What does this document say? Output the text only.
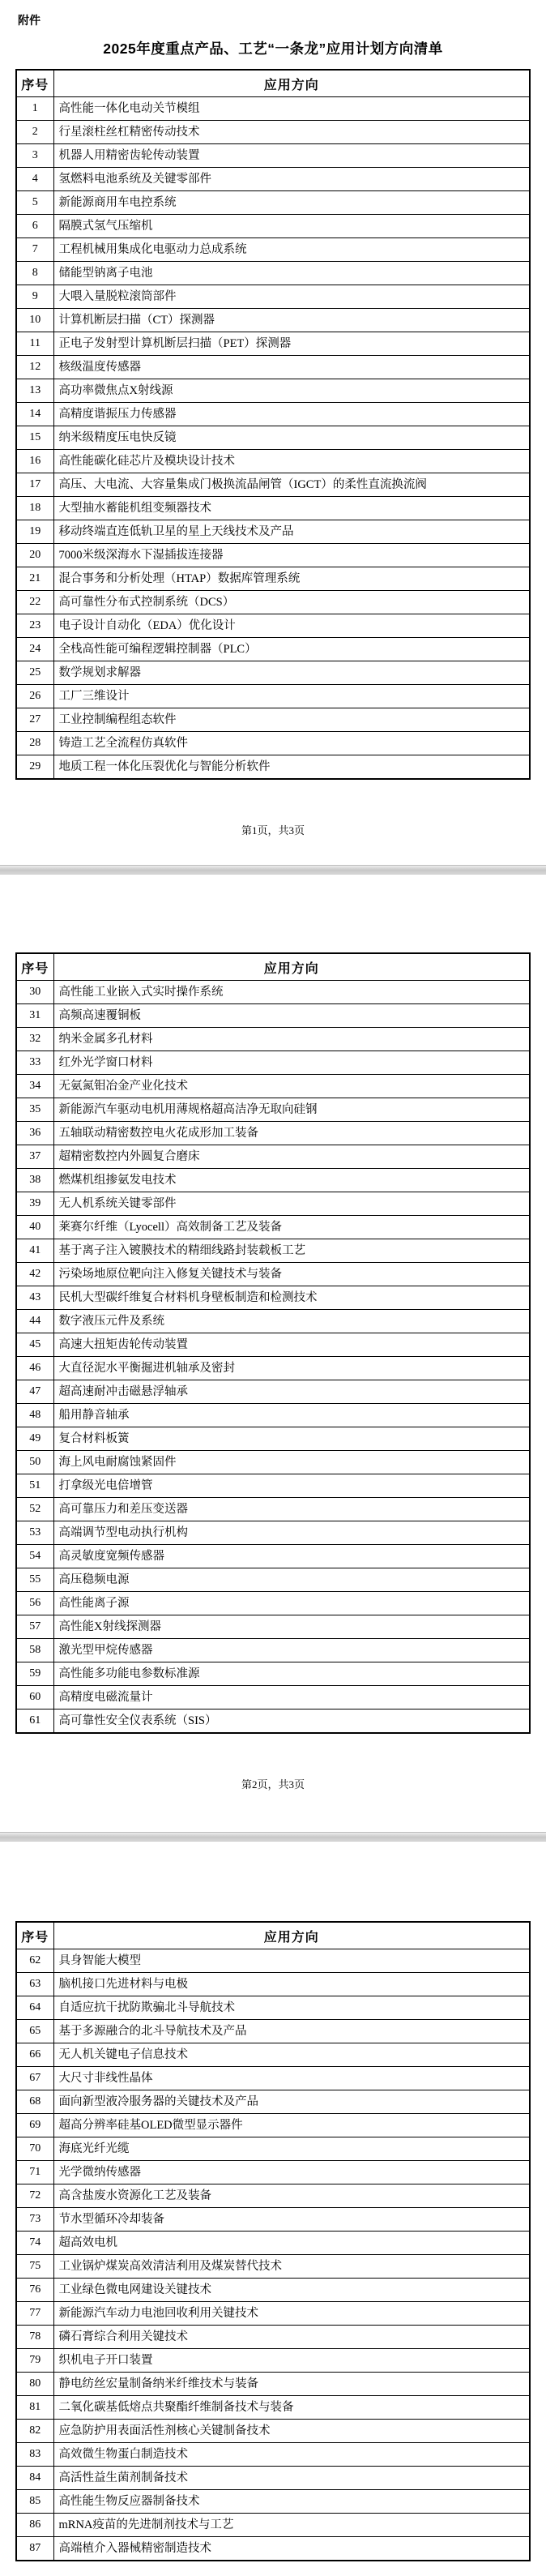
附件
2025年度重点产品、工艺“一条龙”应用计划方向清单
序号	应用方向
1	高性能一体化电动关节模组
2	行星滚柱丝杠精密传动技术
3	机器人用精密齿轮传动装置
4	氢燃料电池系统及关键零部件
5	新能源商用车电控系统
6	隔膜式氢气压缩机
7	工程机械用集成化电驱动力总成系统
8	储能型钠离子电池
9	大喂入量脱粒滚筒部件
10	计算机断层扫描（CT）探测器
11	正电子发射型计算机断层扫描（PET）探测器
12	核级温度传感器
13	高功率微焦点X射线源
14	高精度谐振压力传感器
15	纳米级精度压电快反镜
16	高性能碳化硅芯片及模块设计技术
17	高压、大电流、大容量集成门极换流晶闸管（IGCT）的柔性直流换流阀
18	大型抽水蓄能机组变频器技术
19	移动终端直连低轨卫星的星上天线技术及产品
20	7000米级深海水下湿插拔连接器
21	混合事务和分析处理（HTAP）数据库管理系统
22	高可靠性分布式控制系统（DCS）
23	电子设计自动化（EDA）优化设计
24	全栈高性能可编程逻辑控制器（PLC）
25	数学规划求解器
26	工厂三维设计
27	工业控制编程组态软件
28	铸造工艺全流程仿真软件
29	地质工程一体化压裂优化与智能分析软件
第1页，共3页
序号	应用方向
30	高性能工业嵌入式实时操作系统
31	高频高速覆铜板
32	纳米金属多孔材料
33	红外光学窗口材料
34	无氨氮钼冶金产业化技术
35	新能源汽车驱动电机用薄规格超高洁净无取向硅钢
36	五轴联动精密数控电火花成形加工装备
37	超精密数控内外圆复合磨床
38	燃煤机组掺氨发电技术
39	无人机系统关键零部件
40	莱赛尔纤维（Lyocell）高效制备工艺及装备
41	基于离子注入镀膜技术的精细线路封装载板工艺
42	污染场地原位靶向注入修复关键技术与装备
43	民机大型碳纤维复合材料机身壁板制造和检测技术
44	数字液压元件及系统
45	高速大扭矩齿轮传动装置
46	大直径泥水平衡掘进机轴承及密封
47	超高速耐冲击磁悬浮轴承
48	船用静音轴承
49	复合材料板簧
50	海上风电耐腐蚀紧固件
51	打拿级光电倍增管
52	高可靠压力和差压变送器
53	高端调节型电动执行机构
54	高灵敏度宽频传感器
55	高压稳频电源
56	高性能离子源
57	高性能X射线探测器
58	激光型甲烷传感器
59	高性能多功能电参数标准源
60	高精度电磁流量计
61	高可靠性安全仪表系统（SIS）
第2页，共3页
序号	应用方向
62	具身智能大模型
63	脑机接口先进材料与电极
64	自适应抗干扰防欺骗北斗导航技术
65	基于多源融合的北斗导航技术及产品
66	无人机关键电子信息技术
67	大尺寸非线性晶体
68	面向新型液冷服务器的关键技术及产品
69	超高分辨率硅基OLED微型显示器件
70	海底光纤光缆
71	光学微纳传感器
72	高含盐废水资源化工艺及装备
73	节水型循环冷却装备
74	超高效电机
75	工业锅炉煤炭高效清洁利用及煤炭替代技术
76	工业绿色微电网建设关键技术
77	新能源汽车动力电池回收利用关键技术
78	磷石膏综合利用关键技术
79	织机电子开口装置
80	静电纺丝宏量制备纳米纤维技术与装备
81	二氧化碳基低熔点共聚酯纤维制备技术与装备
82	应急防护用表面活性剂核心关键制备技术
83	高效微生物蛋白制造技术
84	高活性益生菌剂制备技术
85	高性能生物反应器制备技术
86	mRNA疫苗的先进制剂技术与工艺
87	高端植介入器械精密制造技术
